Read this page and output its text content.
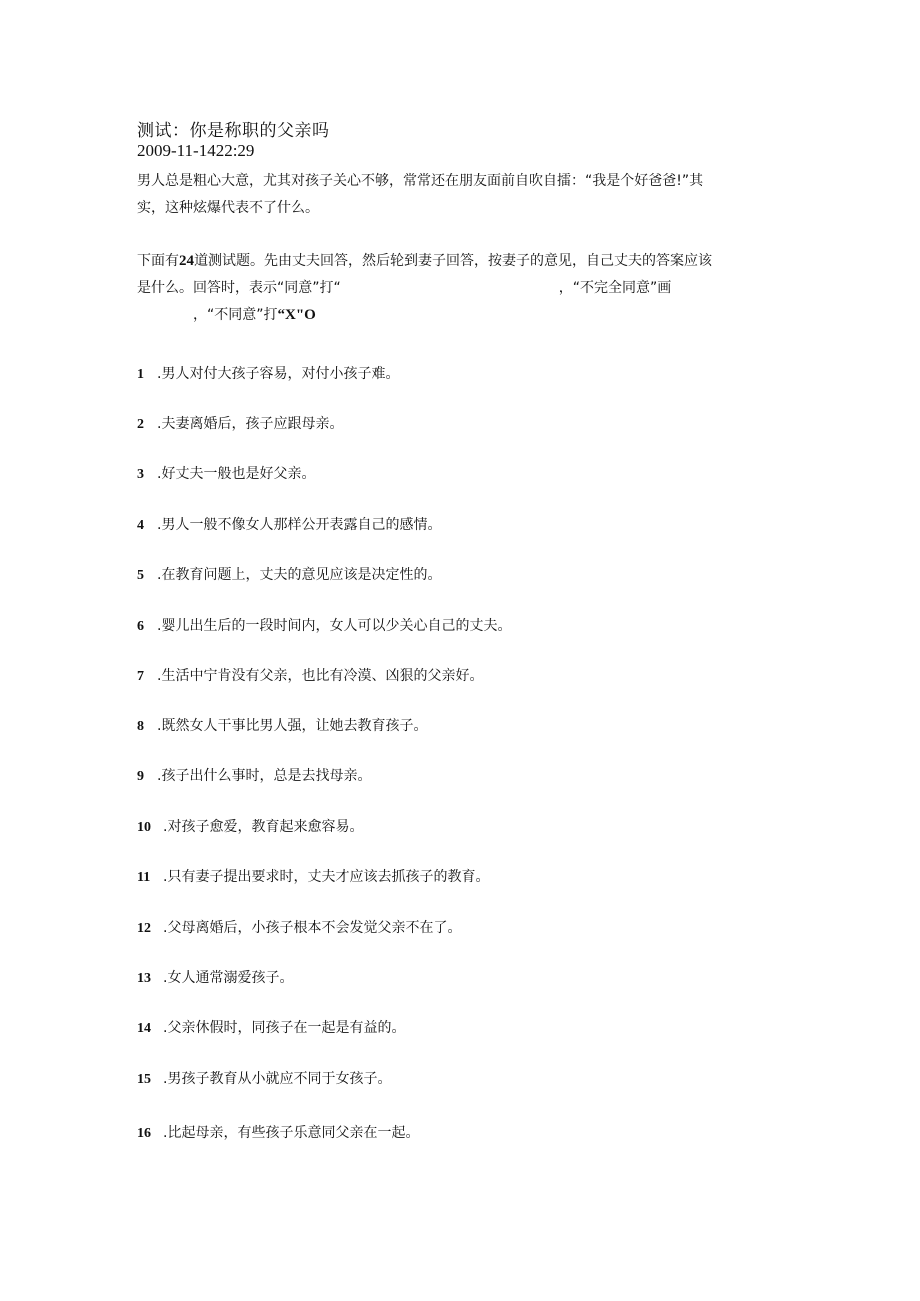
测试：你是称职的父亲吗
2009-11-1422:29
男人总是粗心大意，尤其对孩子关心不够，常常还在朋友面前自吹自擂：“我是个好爸爸!”其
实，这种炫爆代表不了什么。
下面有24道测试题。先由丈夫回答，然后轮到妻子回答，按妻子的意见，自己丈夫的答案应该
是什么。回答时，表示“同意”打“	，“不完全同意”画
，“不同意”打“X"O
1 .男人对付大孩子容易，对付小孩子难。
2 .夫妻离婚后，孩子应跟母亲。
3 .好丈夫一般也是好父亲。
4 .男人一般不像女人那样公开表露自己的感情。
5 .在教育问题上，丈夫的意见应该是决定性的。
6 .婴儿出生后的一段时间内，女人可以少关心自己的丈夫。
7 .生活中宁肯没有父亲，也比有冷漠、凶狠的父亲好。
8 .既然女人干事比男人强，让她去教育孩子。
9 .孩子出什么事时，总是去找母亲。
10 .对孩子愈爱，教育起来愈容易。
11 .只有妻子提出要求时，丈夫才应该去抓孩子的教育。
12 .父母离婚后，小孩子根本不会发觉父亲不在了。
13 .女人通常溺爱孩子。
14 .父亲休假时，同孩子在一起是有益的。
15 .男孩子教育从小就应不同于女孩子。
16 .比起母亲，有些孩子乐意同父亲在一起。
